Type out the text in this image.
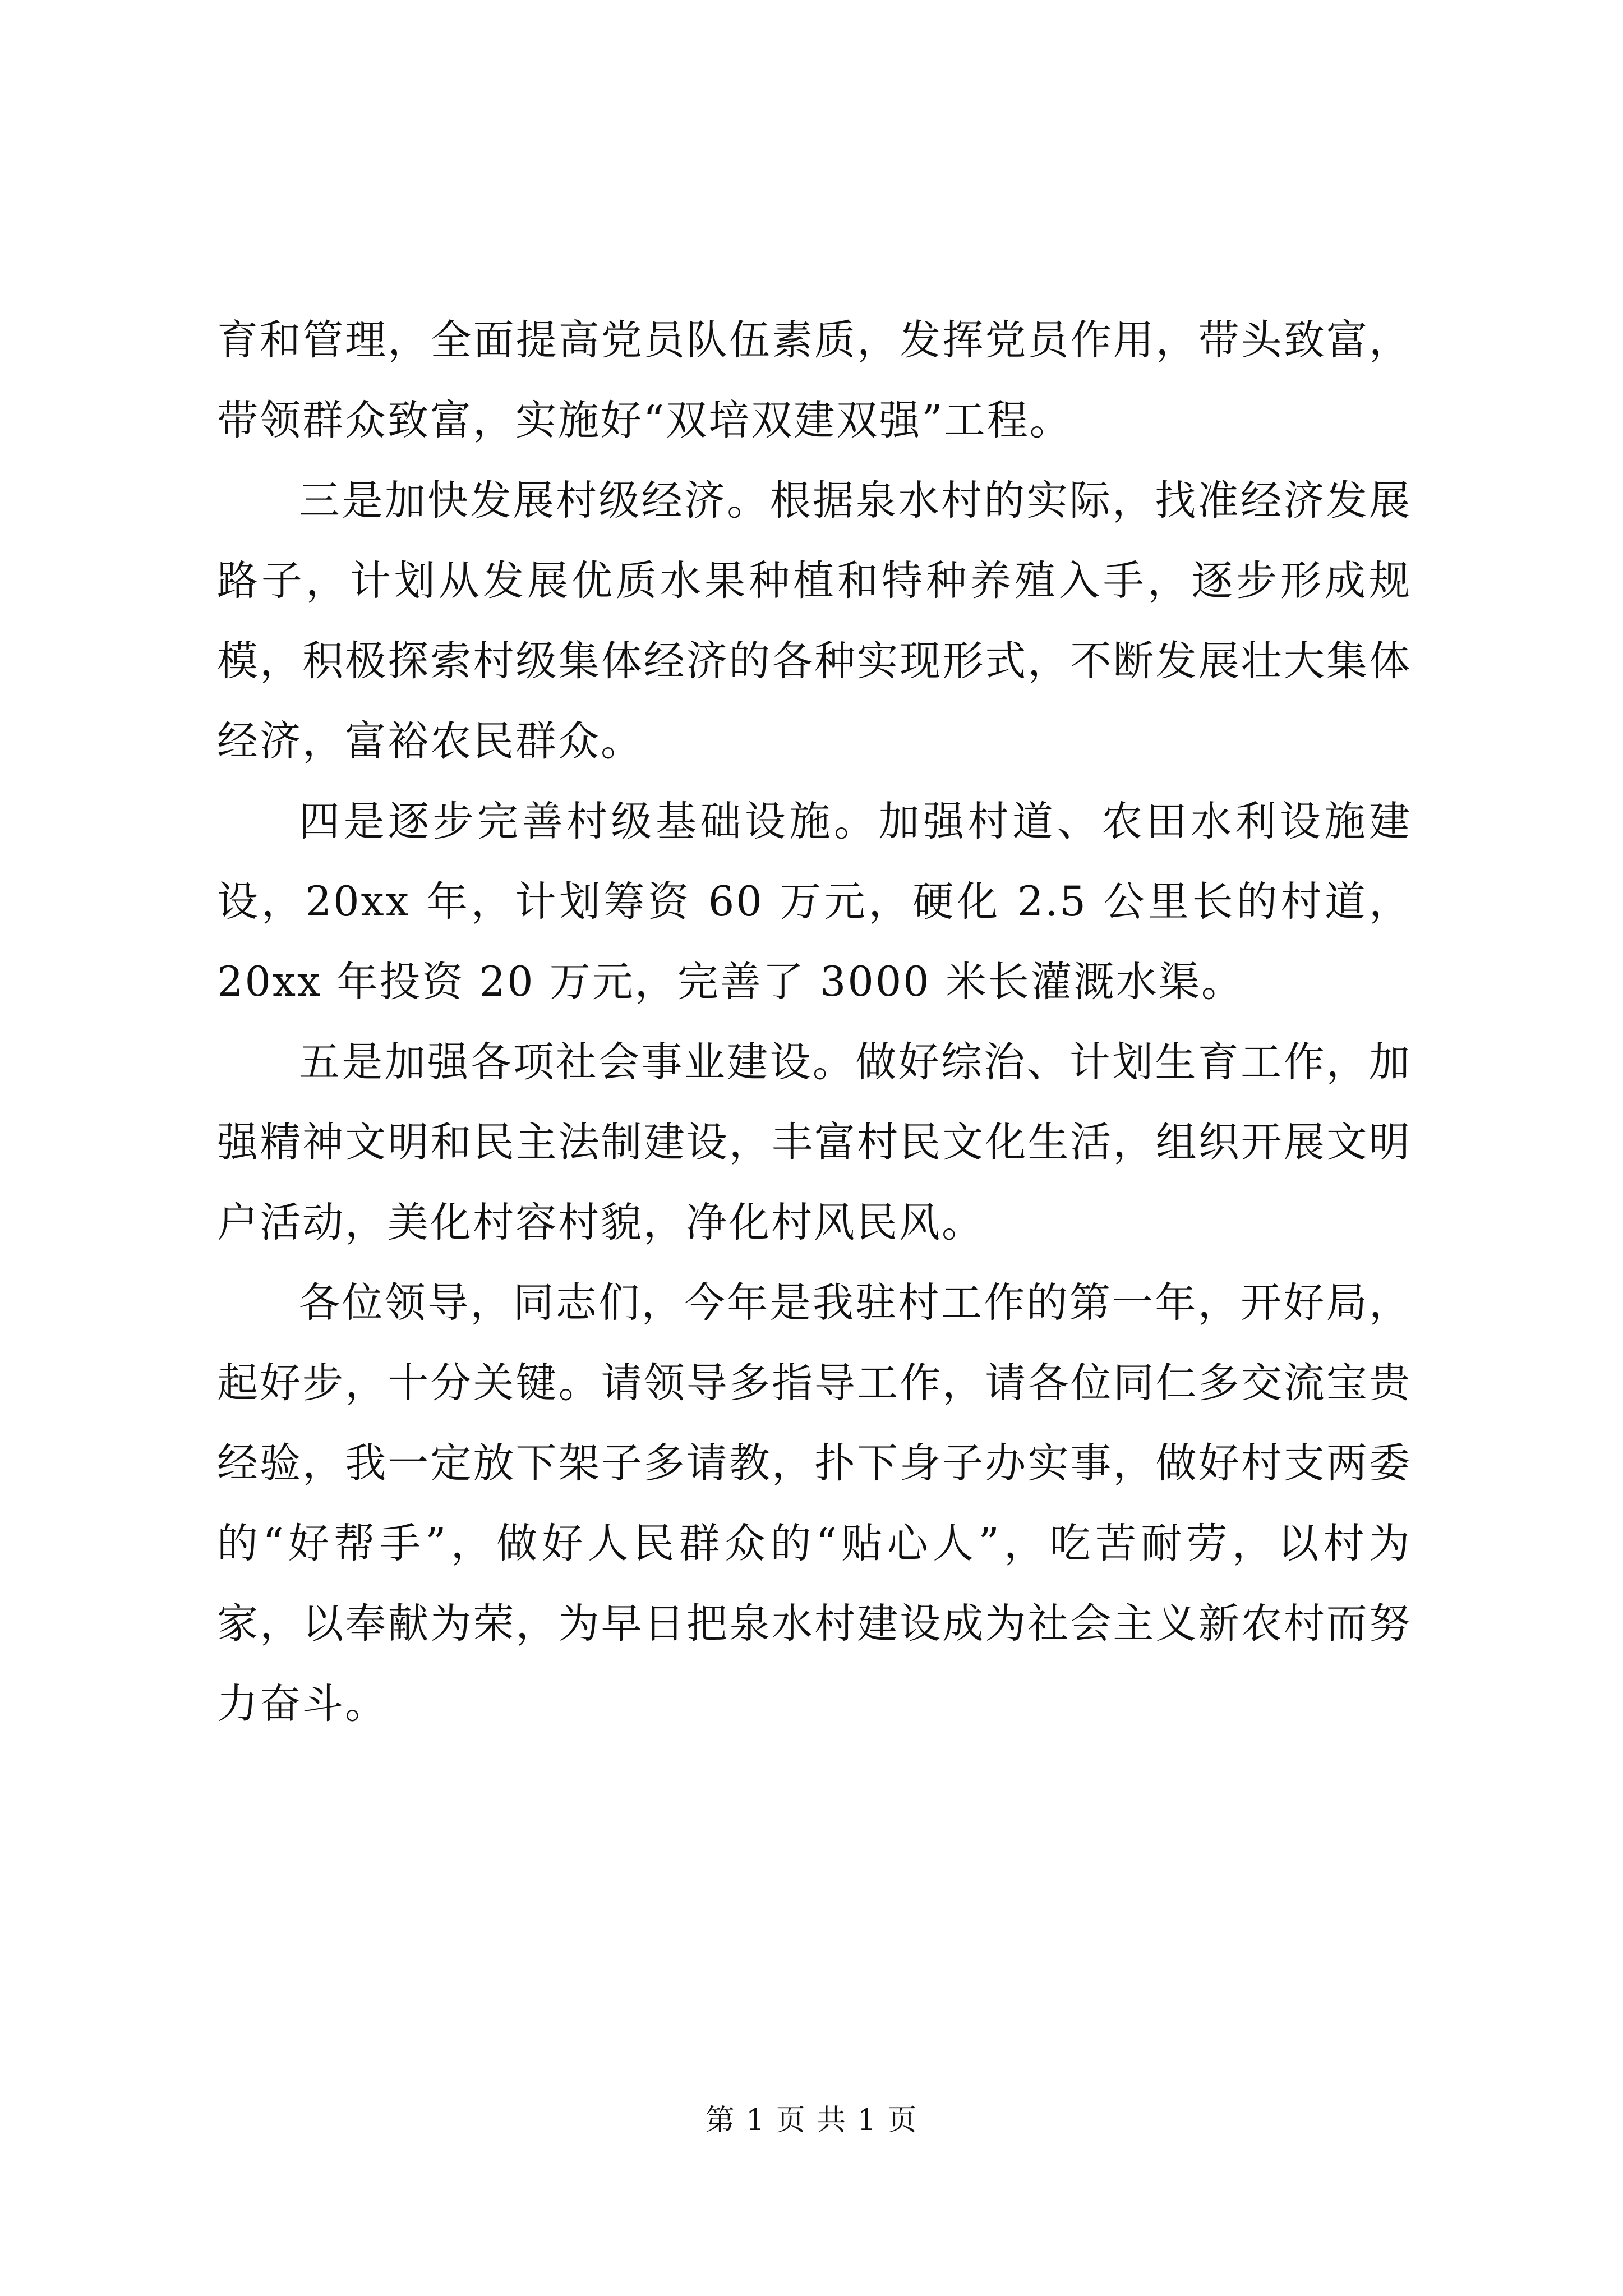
育和管理，全面提高党员队伍素质，发挥党员作用，带头致富，带领群众致富，实施好“双培双建双强”工程。

三是加快发展村级经济。根据泉水村的实际，找准经济发展路子，计划从发展优质水果种植和特种养殖入手，逐步形成规模，积极探索村级集体经济的各种实现形式，不断发展壮大集体经济，富裕农民群众。

四是逐步完善村级基础设施。加强村道、农田水利设施建设，20xx 年，计划筹资 60 万元，硬化 2.5 公里长的村道，20xx 年投资 20 万元，完善了 3000 米长灌溉水渠。

五是加强各项社会事业建设。做好综治、计划生育工作，加强精神文明和民主法制建设，丰富村民文化生活，组织开展文明户活动，美化村容村貌，净化村风民风。

各位领导，同志们，今年是我驻村工作的第一年，开好局，起好步，十分关键。请领导多指导工作，请各位同仁多交流宝贵经验，我一定放下架子多请教，扑下身子办实事，做好村支两委的“好帮手”，做好人民群众的“贴心人”，吃苦耐劳，以村为家，以奉献为荣，为早日把泉水村建设成为社会主义新农村而努力奋斗。

第 1 页 共 1 页
